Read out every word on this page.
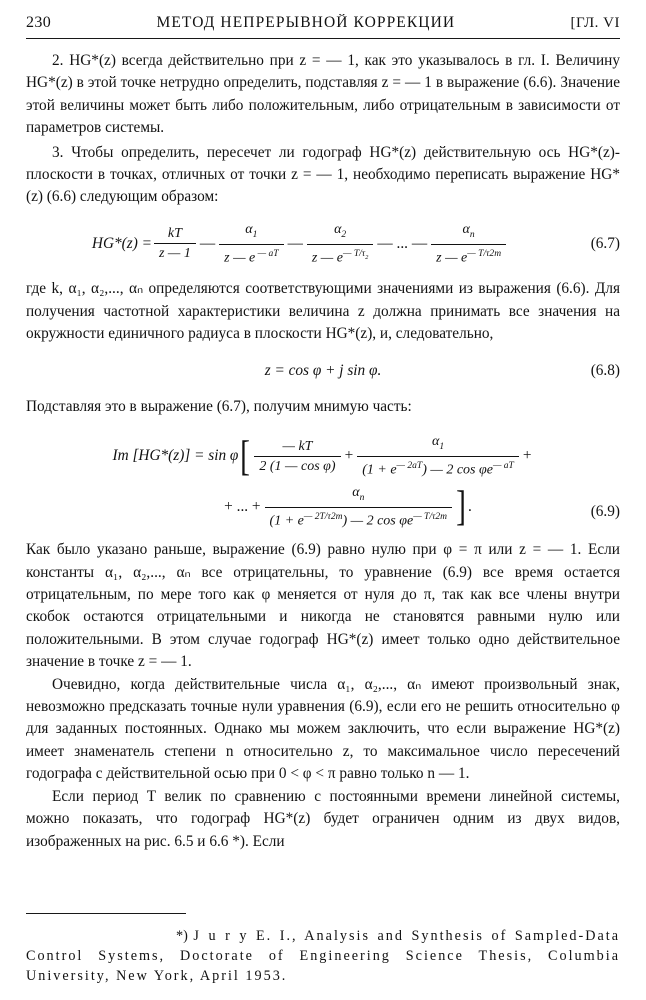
230	МЕТОД НЕПРЕРЫВНОЙ КОРРЕКЦИИ	[ГЛ. VI

2. HG*(z) всегда действительно при z = — 1, как это указывалось в гл. I. Величину HG*(z) в этой точке нетрудно определить, подставляя z = — 1 в выражение (6.6). Значение этой величины может быть либо положительным, либо отрицательным в зависимости от параметров системы.

3. Чтобы определить, пересечет ли годограф HG*(z) действительную ось HG*(z)-плоскости в точках, отличных от точки z = — 1, необходимо переписать выражение HG*(z) (6.6) следующим образом:

$HG*(z) = \frac{kT}{z — 1}$ — $\frac{\alpha_1}{z — e ^{— aT}}$ — $\frac{\alpha_2}{z — e^{— T/\tau_2}}$ — ... — $\frac{\alpha_n}{z — e^{— T/\tau 2m}}$	(6.7)

где k, α₁, α₂,..., αₙ определяются соответствующими значениями из выражения (6.6). Для получения частотной характеристики величина z должна принимать все значения на окружности единичного радиуса в плоскости HG*(z), и, следовательно,

z = cos φ + j sin φ.	(6.8)

Подставляя это в выражение (6.7), получим мнимую часть:

Im [HG*(z)] = sin φ [ $\frac{— kT}{\text{2 (1 — cos φ)}} + \frac{\alpha_1}{(1 + e^{— 2aT}) — 2 \cos \varphi e^{— aT}}$ +
+ ... + $\frac{\alpha_n}{(1 + e^{— 2T/\tau 2m}) — 2 \cos \varphi e^{— T/\tau 2m}}$ ] .	(6.9)

Как было указано раньше, выражение (6.9) равно нулю при φ = π или z = — 1. Если константы α₁, α₂,..., αₙ все отрицательны, то уравнение (6.9) все время остается отрицательным, по мере того как φ меняется от нуля до π, так как все члены внутри скобок остаются отрицательными и никогда не становятся равными нулю или положительными. В этом случае годограф HG*(z) имеет только одно действительное значение в точке z = — 1.

Очевидно, когда действительные числа α₁, α₂,..., αₙ имеют произвольный знак, невозможно предсказать точные нули уравнения (6.9), если его не решить относительно φ для заданных постоянных. Однако мы можем заключить, что если выражение HG*(z) имеет знаменатель степени n относительно z, то максимальное число пересечений годографа с действительной осью при 0 < φ < π равно только n — 1.

Если период T велик по сравнению с постоянными времени линейной системы, можно показать, что годограф HG*(z) будет ограничен одним из двух видов, изображенных на рис. 6.5 и 6.6 *). Если

*) J u r y E. I., Analysis and Synthesis of Sampled-Data Control Systems, Doctorate of Engineering Science Thesis, Columbia University, New York, April 1953.
